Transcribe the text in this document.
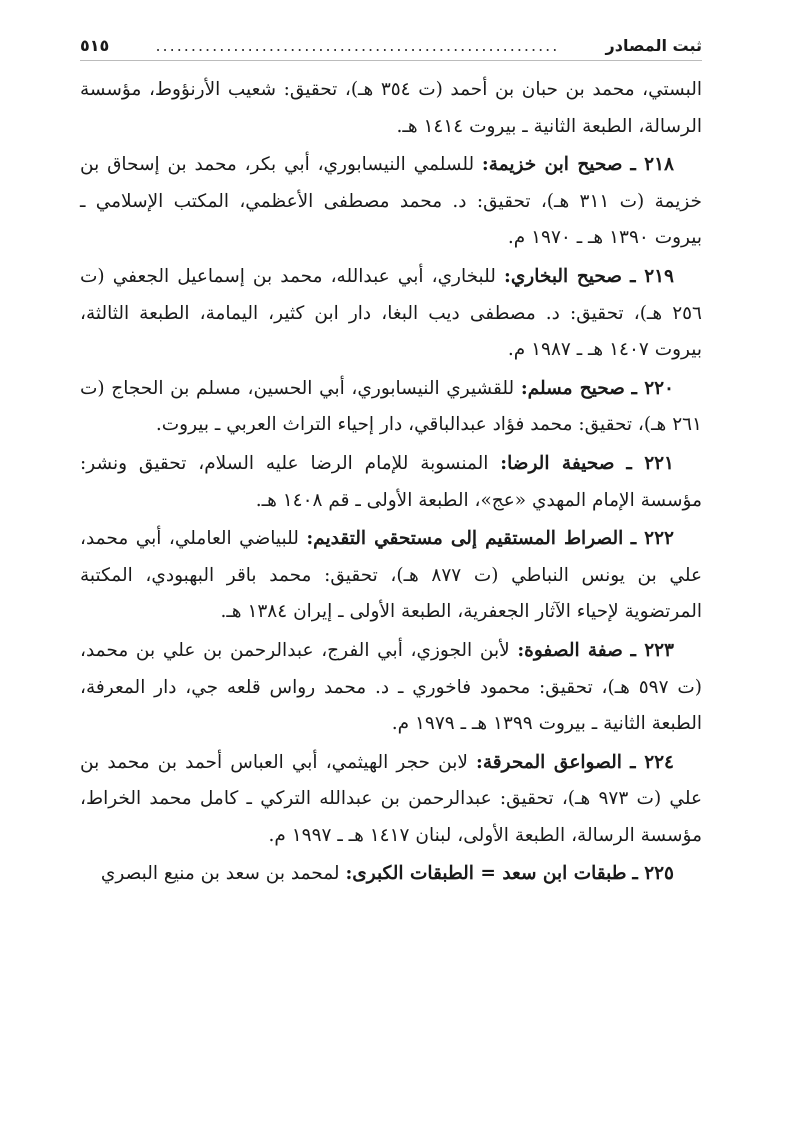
٥١٥	.........................................................	ثبت المصادر

البستي، محمد بن حبان بن أحمد (ت ٣٥٤ هـ)، تحقيق: شعيب الأرنؤوط، مؤسسة الرسالة، الطبعة الثانية ـ بيروت ١٤١٤ هـ.

٢١٨ ـ صحيح ابن خزيمة: للسلمي النيسابوري، أبي بكر، محمد بن إسحاق بن خزيمة (ت ٣١١ هـ)، تحقيق: د. محمد مصطفى الأعظمي، المكتب الإسلامي ـ بيروت ١٣٩٠ هـ ـ ١٩٧٠ م.

٢١٩ ـ صحيح البخاري: للبخاري، أبي عبدالله، محمد بن إسماعيل الجعفي (ت ٢٥٦ هـ)، تحقيق: د. مصطفى ديب البغا، دار ابن كثير، اليمامة، الطبعة الثالثة، بيروت ١٤٠٧ هـ ـ ١٩٨٧ م.

٢٢٠ ـ صحيح مسلم: للقشيري النيسابوري، أبي الحسين، مسلم بن الحجاج (ت ٢٦١ هـ)، تحقيق: محمد فؤاد عبدالباقي، دار إحياء التراث العربي ـ بيروت.

٢٢١ ـ صحيفة الرضا: المنسوبة للإمام الرضا عليه السلام، تحقيق ونشر: مؤسسة الإمام المهدي «عج»، الطبعة الأولى ـ قم ١٤٠٨ هـ.

٢٢٢ ـ الصراط المستقيم إلى مستحقي التقديم: للبياضي العاملي، أبي محمد، علي بن يونس النباطي (ت ٨٧٧ هـ)، تحقيق: محمد باقر البهبودي، المكتبة المرتضوية لإحياء الآثار الجعفرية، الطبعة الأولى ـ إيران ١٣٨٤ هـ.

٢٢٣ ـ صفة الصفوة: لأبن الجوزي، أبي الفرج، عبدالرحمن بن علي بن محمد، (ت ٥٩٧ هـ)، تحقيق: محمود فاخوري ـ د. محمد رواس قلعه جي، دار المعرفة، الطبعة الثانية ـ بيروت ١٣٩٩ هـ ـ ١٩٧٩ م.

٢٢٤ ـ الصواعق المحرقة: لابن حجر الهيثمي، أبي العباس أحمد بن محمد بن علي (ت ٩٧٣ هـ)، تحقيق: عبدالرحمن بن عبدالله التركي ـ كامل محمد الخراط، مؤسسة الرسالة، الطبعة الأولى، لبنان ١٤١٧ هـ ـ ١٩٩٧ م.

٢٢٥ ـ طبقات ابن سعد = الطبقات الكبرى: لمحمد بن سعد بن منيع البصري
